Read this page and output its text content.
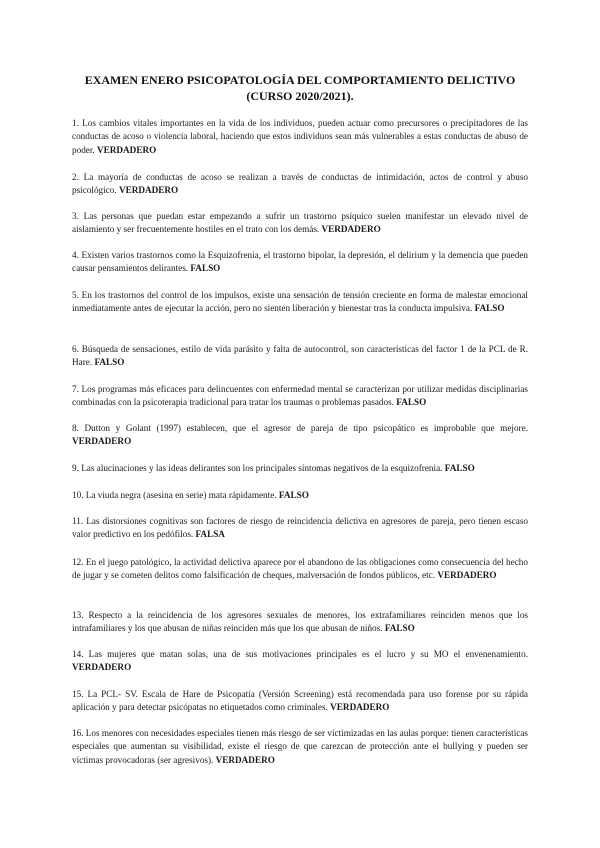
EXAMEN ENERO PSICOPATOLOGÍA DEL COMPORTAMIENTO DELICTIVO
(CURSO 2020/2021).
1. Los cambios vitales importantes en la vida de los individuos, pueden actuar como precursores o precipitadores de las conductas de acoso o violencia laboral, haciendo que estos individuos sean más vulnerables a estas conductas de abuso de poder. VERDADERO
2. La mayoría de conductas de acoso se realizan a través de conductas de intimidación, actos de control y abuso psicológico. VERDADERO
3. Las personas que puedan estar empezando a sufrir un trastorno psíquico suelen manifestar un elevado nivel de aislamiento y ser frecuentemente hostiles en el trato con los demás. VERDADERO
4. Existen varios trastornos como la Esquizofrenia, el trastorno bipolar, la depresión, el delirium y la demencia que pueden causar pensamientos delirantes. FALSO
5. En los trastornos del control de los impulsos, existe una sensación de tensión creciente en forma de malestar emocional inmediatamente antes de ejecutar la acción, pero no sienten liberación y bienestar tras la conducta impulsiva. FALSO
6. Búsqueda de sensaciones, estilo de vida parásito y falta de autocontrol, son características del factor 1 de la PCL de R. Hare. FALSO
7. Los programas más eficaces para delincuentes con enfermedad mental se caracterizan por utilizar medidas disciplinarias combinadas con la psicoterapia tradicional para tratar los traumas o problemas pasados. FALSO
8. Dutton y Golant (1997) establecen, que el agresor de pareja de tipo psicopático es improbable que mejore. VERDADERO
9. Las alucinaciones y las ideas delirantes son los principales síntomas negativos de la esquizofrenia. FALSO
10. La viuda negra (asesina en serie) mata rápidamente. FALSO
11. Las distorsiones cognitivas son factores de riesgo de reincidencia delictiva en agresores de pareja, pero tienen escaso valor predictivo en los pedófilos. FALSA
12. En el juego patológico, la actividad delictiva aparece por el abandono de las obligaciones como consecuencia del hecho de jugar y se cometen delitos como falsificación de cheques, malversación de fondos públicos, etc. VERDADERO
13. Respecto a la reincidencia de los agresores sexuales de menores, los extrafamiliares reinciden menos que los intrafamiliares y los que abusan de niñas reinciden más que los que abusan de niños. FALSO
14. Las mujeres que matan solas, una de sus motivaciones principales es el lucro y su MO el envenenamiento. VERDADERO
15. La PCL- SV. Escala de Hare de Psicopatía (Versión Screening) está recomendada para uso forense por su rápida aplicación y para detectar psicópatas no etiquetados como criminales. VERDADERO
16. Los menores con necesidades especiales tienen más riesgo de ser victimizadas en las aulas porque: tienen características especiales que aumentan su visibilidad, existe el riesgo de que carezcan de protección ante el bullying y pueden ser víctimas provocadoras (ser agresivos). VERDADERO
